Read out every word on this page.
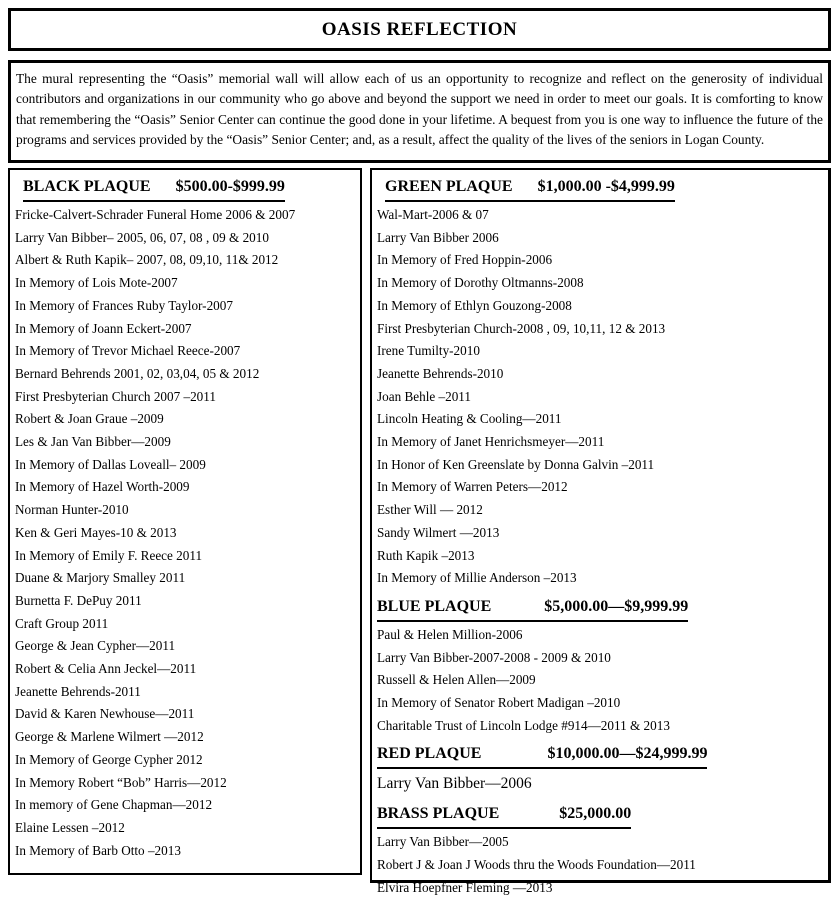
OASIS REFLECTION

The mural representing the “Oasis” memorial wall will allow each of us an opportunity to recognize and reflect on the generosity of individual contributors and organizations in our community who go above and beyond the support we need in order to meet our goals. It is comforting to know that remembering the “Oasis” Senior Center can continue the good done in your lifetime. A bequest from you is one way to influence the future of the programs and services provided by the “Oasis” Senior Center; and, as a result, affect the quality of the lives of the seniors in Logan County.

BLACK PLAQUE $500.00-$999.99
Fricke-Calvert-Schrader Funeral Home 2006 & 2007
Larry Van Bibber– 2005, 06, 07, 08 , 09 & 2010
Albert & Ruth Kapik– 2007, 08, 09,10, 11& 2012
In Memory of Lois Mote-2007
In Memory of Frances Ruby Taylor-2007
In Memory of Joann Eckert-2007
In Memory of Trevor Michael Reece-2007
Bernard Behrends 2001, 02, 03,04, 05 & 2012
First Presbyterian Church 2007 –2011
Robert & Joan Graue –2009
Les & Jan Van Bibber—2009
In Memory of Dallas Loveall– 2009
In Memory of Hazel Worth-2009
Norman Hunter-2010
Ken & Geri Mayes-10 & 2013
In Memory of Emily F. Reece 2011
Duane & Marjory Smalley 2011
Burnetta F. DePuy 2011
Craft Group 2011
George & Jean Cypher—2011
Robert & Celia Ann Jeckel—2011
Jeanette Behrends-2011
David & Karen Newhouse—2011
George & Marlene Wilmert —2012
In Memory of George Cypher 2012
In Memory Robert “Bob” Harris—2012
In memory of Gene Chapman—2012
Elaine Lessen –2012
In Memory of Barb Otto –2013
GREEN PLAQUE $1,000.00 -$4,999.99
Wal-Mart-2006 & 07
Larry Van Bibber 2006
In Memory of Fred Hoppin-2006
In Memory of Dorothy Oltmanns-2008
In Memory of Ethlyn Gouzong-2008
First Presbyterian Church-2008 , 09, 10,11, 12 & 2013
Irene Tumilty-2010
Jeanette Behrends-2010
Joan Behle –2011
Lincoln Heating & Cooling—2011
In Memory of Janet Henrichsmeyer—2011
In Honor of Ken Greenslate by Donna Galvin –2011
In Memory of Warren Peters—2012
Esther Will — 2012
Sandy Wilmert —2013
Ruth Kapik –2013
In Memory of Millie Anderson –2013
BLUE PLAQUE	$5,000.00—$9,999.99
Paul & Helen Million-2006
Larry Van Bibber-2007-2008 - 2009 & 2010
Russell & Helen Allen—2009
In Memory of Senator Robert Madigan –2010
Charitable Trust of Lincoln Lodge #914—2011 & 2013
RED PLAQUE	$10,000.00—$24,999.99
Larry Van Bibber—2006
BRASS PLAQUE	$25,000.00
Larry Van Bibber—2005
Robert J & Joan J Woods thru the Woods Foundation—2011
Elvira Hoepfner Fleming —2013
